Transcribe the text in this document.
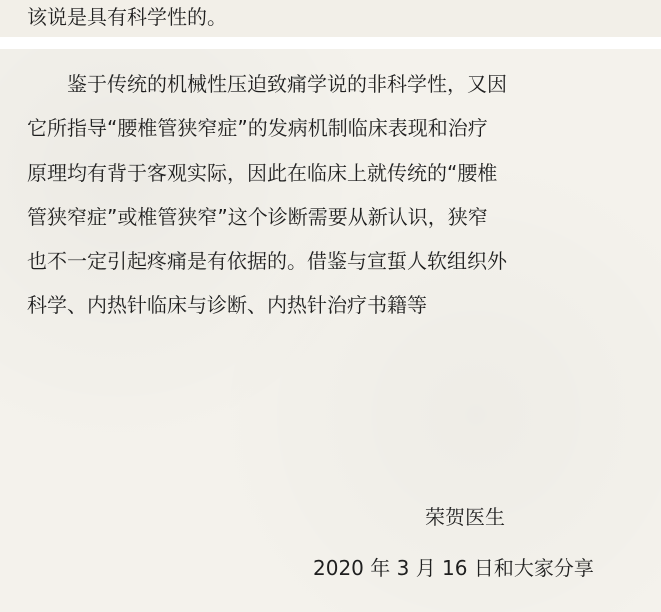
该说是具有科学性的。
　　鉴于传统的机械性压迫致痛学说的非科学性，又因
它所指导“腰椎管狭窄症”的发病机制临床表现和治疗
原理均有背于客观实际，因此在临床上就传统的“腰椎
管狭窄症”或椎管狭窄”这个诊断需要从新认识，狭窄
也不一定引起疼痛是有依据的。借鉴与宣蜇人软组织外
科学、内热针临床与诊断、内热针治疗书籍等
荣贺医生
2020 年 3 月 16 日和大家分享
